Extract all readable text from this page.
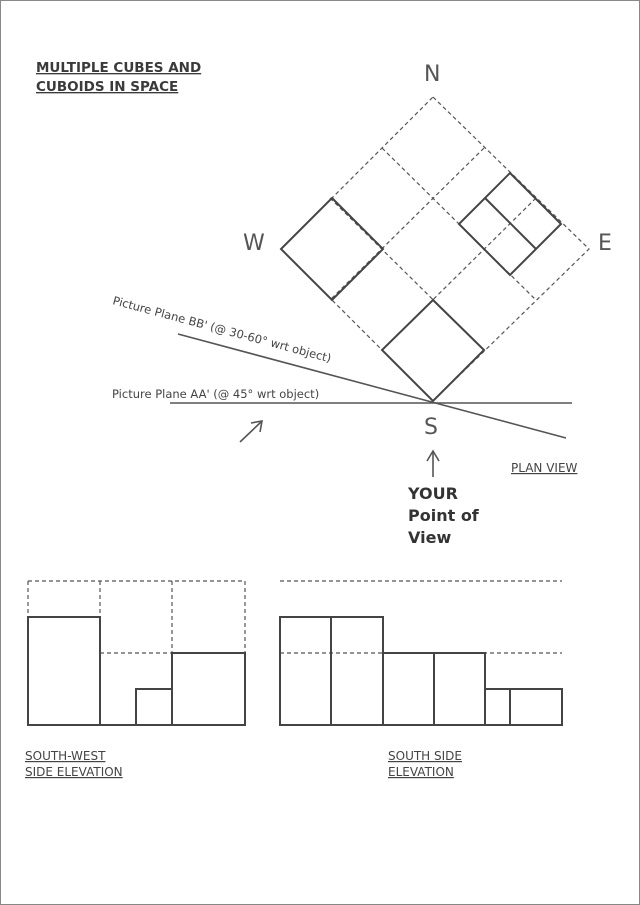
MULTIPLE CUBES AND
CUBOIDS IN SPACE	N
W	E
S
Picture Plane BB' (@ 30-60° wrt object)
Picture Plane AA' (@ 45° wrt object)
PLAN VIEW
YOUR
Point of
View
SOUTH-WEST
SIDE ELEVATION
SOUTH SIDE
ELEVATION
